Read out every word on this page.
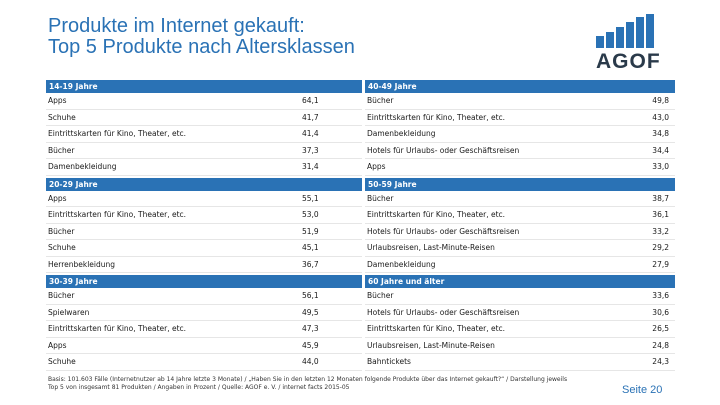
Produkte im Internet gekauft:
Top 5 Produkte nach Altersklassen
AGOF
14-19 Jahre
Apps	64,1
Schuhe	41,7
Eintrittskarten für Kino, Theater, etc.	41,4
Bücher	37,3
Damenbekleidung	31,4
20-29 Jahre
Apps	55,1
Eintrittskarten für Kino, Theater, etc.	53,0
Bücher	51,9
Schuhe	45,1
Herrenbekleidung	36,7
30-39 Jahre
Bücher	56,1
Spielwaren	49,5
Eintrittskarten für Kino, Theater, etc.	47,3
Apps	45,9
Schuhe	44,0
40-49 Jahre
Bücher	49,8
Eintrittskarten für Kino, Theater, etc.	43,0
Damenbekleidung	34,8
Hotels für Urlaubs- oder Geschäftsreisen	34,4
Apps	33,0
50-59 Jahre
Bücher	38,7
Eintrittskarten für Kino, Theater, etc.	36,1
Hotels für Urlaubs- oder Geschäftsreisen	33,2
Urlaubsreisen, Last-Minute-Reisen	29,2
Damenbekleidung	27,9
60 Jahre und älter
Bücher	33,6
Hotels für Urlaubs- oder Geschäftsreisen	30,6
Eintrittskarten für Kino, Theater, etc.	26,5
Urlaubsreisen, Last-Minute-Reisen	24,8
Bahntickets	24,3
Basis: 101.603 Fälle (Internetnutzer ab 14 Jahre letzte 3 Monate) / „Haben Sie in den letzten 12 Monaten folgende Produkte über das Internet gekauft?“ / Darstellung jeweils Top 5 von insgesamt 81 Produkten / Angaben in Prozent / Quelle: AGOF e. V. / internet facts 2015-05	Seite 20
